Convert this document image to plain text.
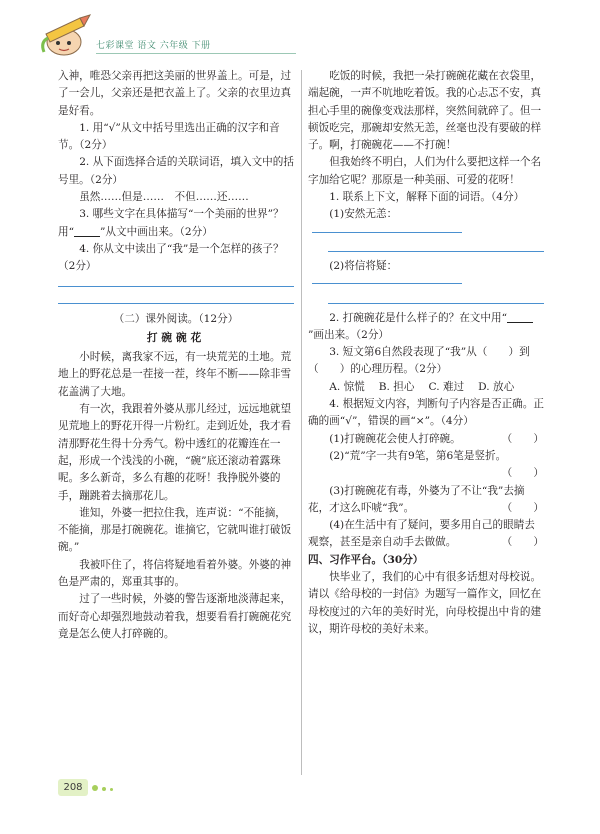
七彩课堂 语文 六年级 下册

入神，唯恐父亲再把这美丽的世界盖上。可是，过了一会儿，父亲还是把衣盖上了。父亲的衣里边真是好看。

1. 用“√”从文中括号里选出正确的汉字和音节。（2分）

2. 从下面选择合适的关联词语，填入文中的括号里。（2分）

虽然……但是……　不但……还……

3. 哪些文字在具体描写“一个美丽的世界”？用“ ”从文中画出来。（2分）

4. 你从文中读出了“我”是一个怎样的孩子？（2分）

（二）课外阅读。（12分）

打碗碗花

小时候，离我家不远，有一块荒芜的土地。荒地上的野花总是一茬接一茬，终年不断——除非雪花盖满了大地。

有一次，我跟着外婆从那儿经过，远远地就望见荒地上的野花开得一片粉红。走到近处，我才看清那野花生得十分秀气。粉中透红的花瓣连在一起，形成一个浅浅的小碗，“碗”底还滚动着露珠呢。多么新奇，多么有趣的花呀！我挣脱外婆的手，蹦跳着去摘那花儿。

谁知，外婆一把拉住我，连声说：“不能摘，不能摘，那是打碗碗花。谁摘它，它就叫谁打破饭碗。”

我被吓住了，将信将疑地看着外婆。外婆的神色是严肃的，郑重其事的。

过了一些时候，外婆的警告逐渐地淡薄起来，而好奇心却强烈地鼓动着我，想要看看打碗碗花究竟是怎么使人打碎碗的。

吃饭的时候，我把一朵打碗碗花藏在衣袋里，端起碗，一声不吭地吃着饭。我的心忐忑不安，真担心手里的碗像变戏法那样，突然间就碎了。但一顿饭吃完，那碗却安然无恙，丝毫也没有要破的样子。啊，打碗碗花——不打碗！

但我始终不明白，人们为什么要把这样一个名字加给它呢？那原是一种美丽、可爱的花呀！

1. 联系上下文，解释下面的词语。（4分）

(1)安然无恙：

(2)将信将疑：

2. 打碗碗花是什么样子的？在文中用“”画出来。（2分）

3. 短文第6自然段表现了“我”从（　　）到（　　）的心理历程。（2分）

A. 惊慌 B. 担心 C. 难过 D. 放心

4. 根据短文内容，判断句子内容是否正确。正确的画“√”，错误的画“×”。（4分）

(1)打碗碗花会使人打碎碗。	（　　）

(2)“荒”字一共有9笔，第6笔是竖折。

（　　）

(3)打碗碗花有毒，外婆为了不让“我”去摘花，才这么吓唬“我”。	（　　）

(4)在生活中有了疑问，要多用自己的眼睛去观察，甚至是亲自动手去做做。	（　　）

四、习作平台。（30分）

快毕业了，我们的心中有很多话想对母校说。请以《给母校的一封信》为题写一篇作文，回忆在母校度过的六年的美好时光，向母校提出中肯的建议，期许母校的美好未来。

208
